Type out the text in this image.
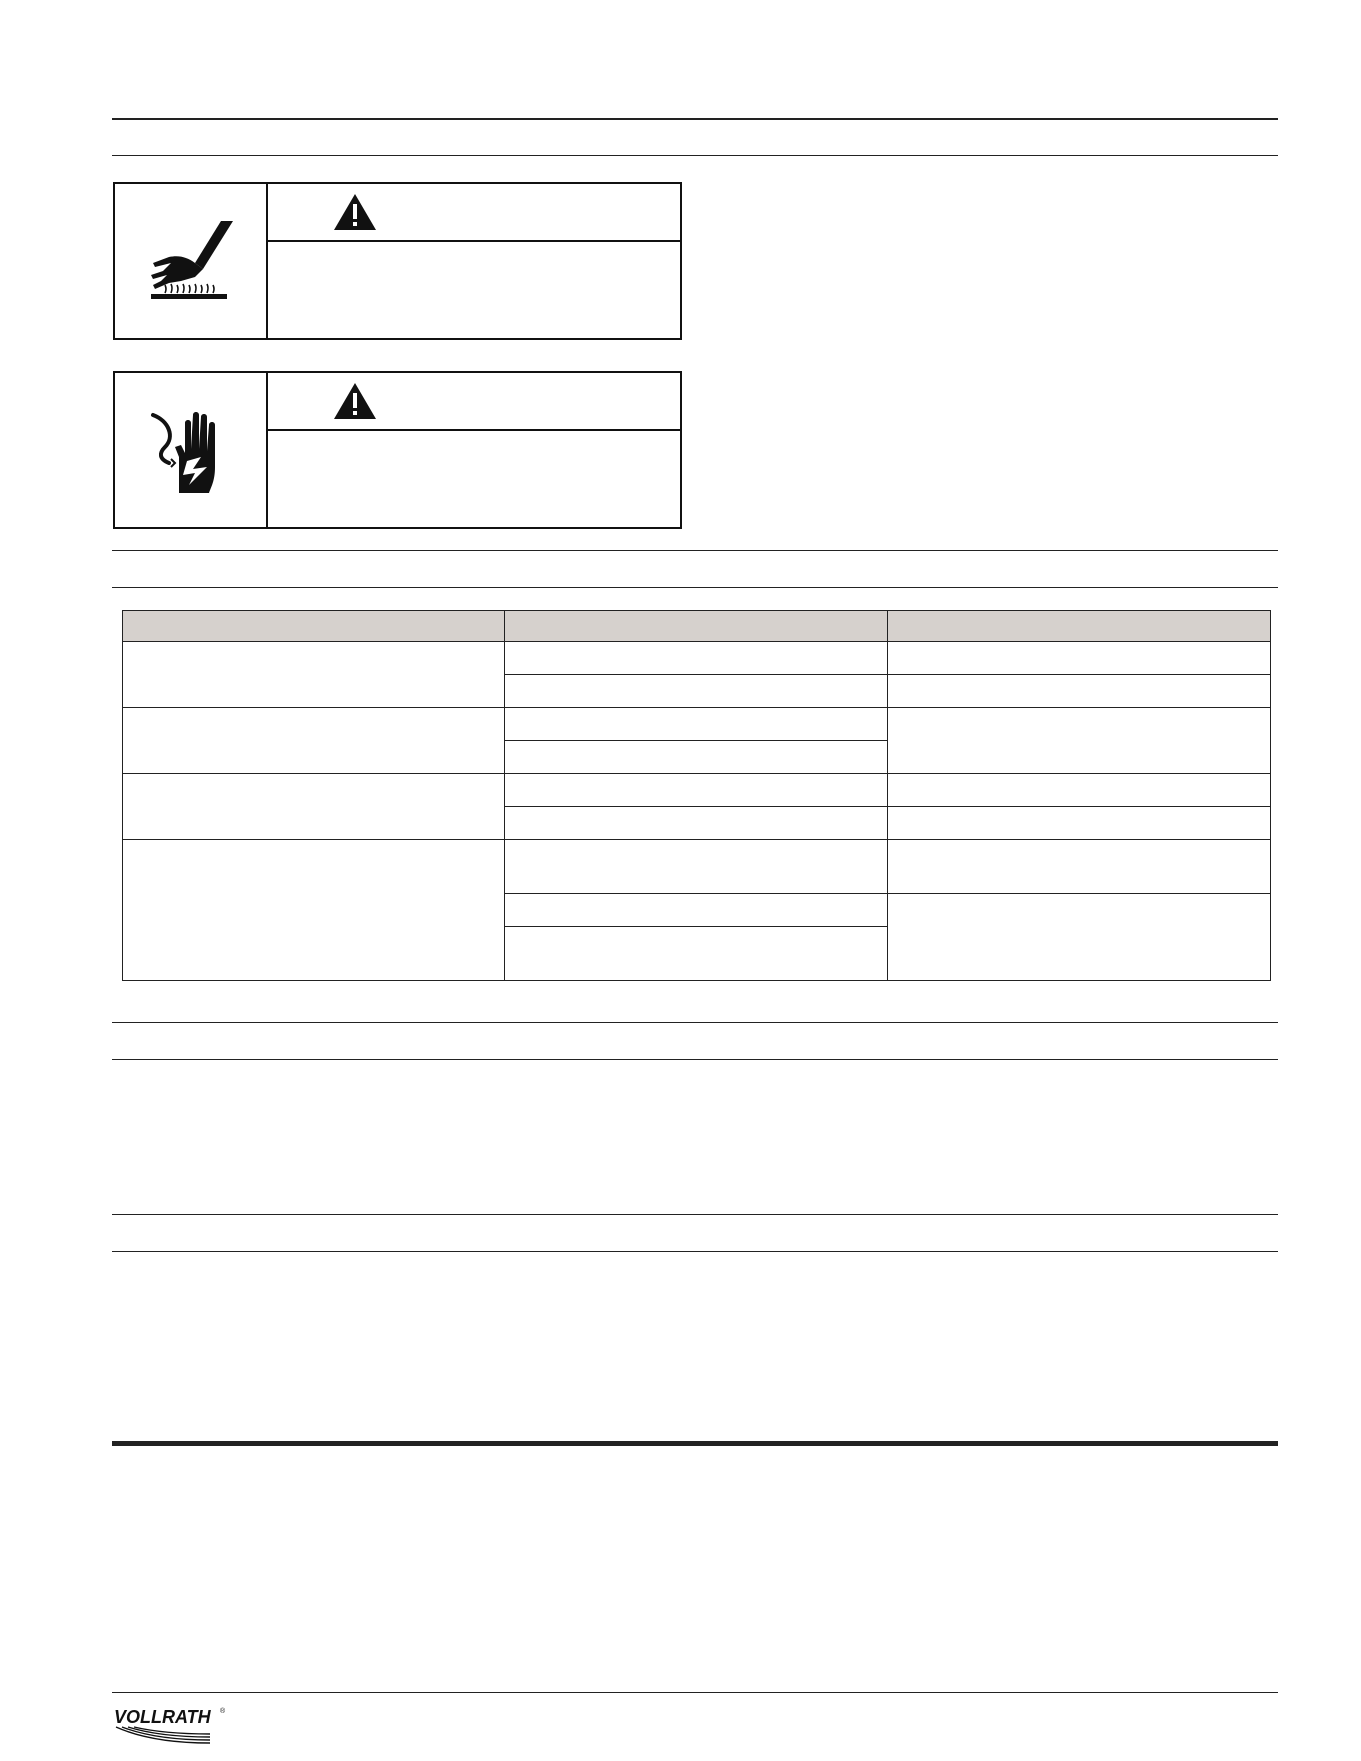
VOLLRATH ®
